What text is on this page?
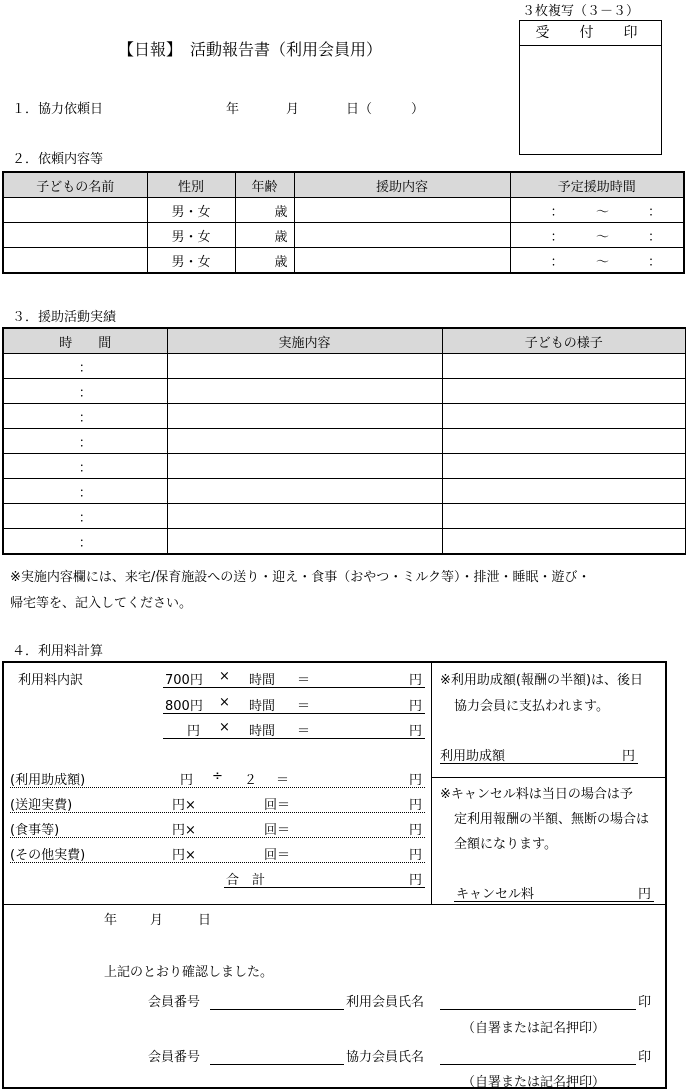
３枚複写（３－３）
【日報】　活動報告書（利用会員用）
受　付　印
１．協力依頼日	年	月	日（　　　）
２．依頼内容等
子どもの名前	性別	年齢	援助内容	予定援助時間
	男・女	歳		：　　　～　　　：
	男・女	歳		：　　　～　　　：
	男・女	歳		：　　　～　　　：
３．援助活動実績
時　　間	実施内容	子どもの様子
：		
：		
：		
：		
：		
：		
：		
：		
※実施内容欄には、来宅/保育施設への送り・迎え・食事（おやつ・ミルク等）・排泄・睡眠・遊び・
帰宅等を、記入してください。
４．利用料計算
利用料内訳	700円 × 時間 ＝	円
800円 × 時間 ＝	円
円 × 時間 ＝	円
(利用助成額)	円 ÷ ２ ＝	円
(送迎実費)	円×	回＝	円
(食事等)	円×	回＝	円
(その他実費)	円×	回＝	円
合　計	円
※利用助成額(報酬の半額)は、後日
協力会員に支払われます。
利用助成額	円
※キャンセル料は当日の場合は予
定利用報酬の半額、無断の場合は
全額になります。
キャンセル料	円
年	月	日
上記のとおり確認しました。
会員番号	利用会員氏名	印
（自署または記名押印）
会員番号	協力会員氏名	印
（自署または記名押印）
